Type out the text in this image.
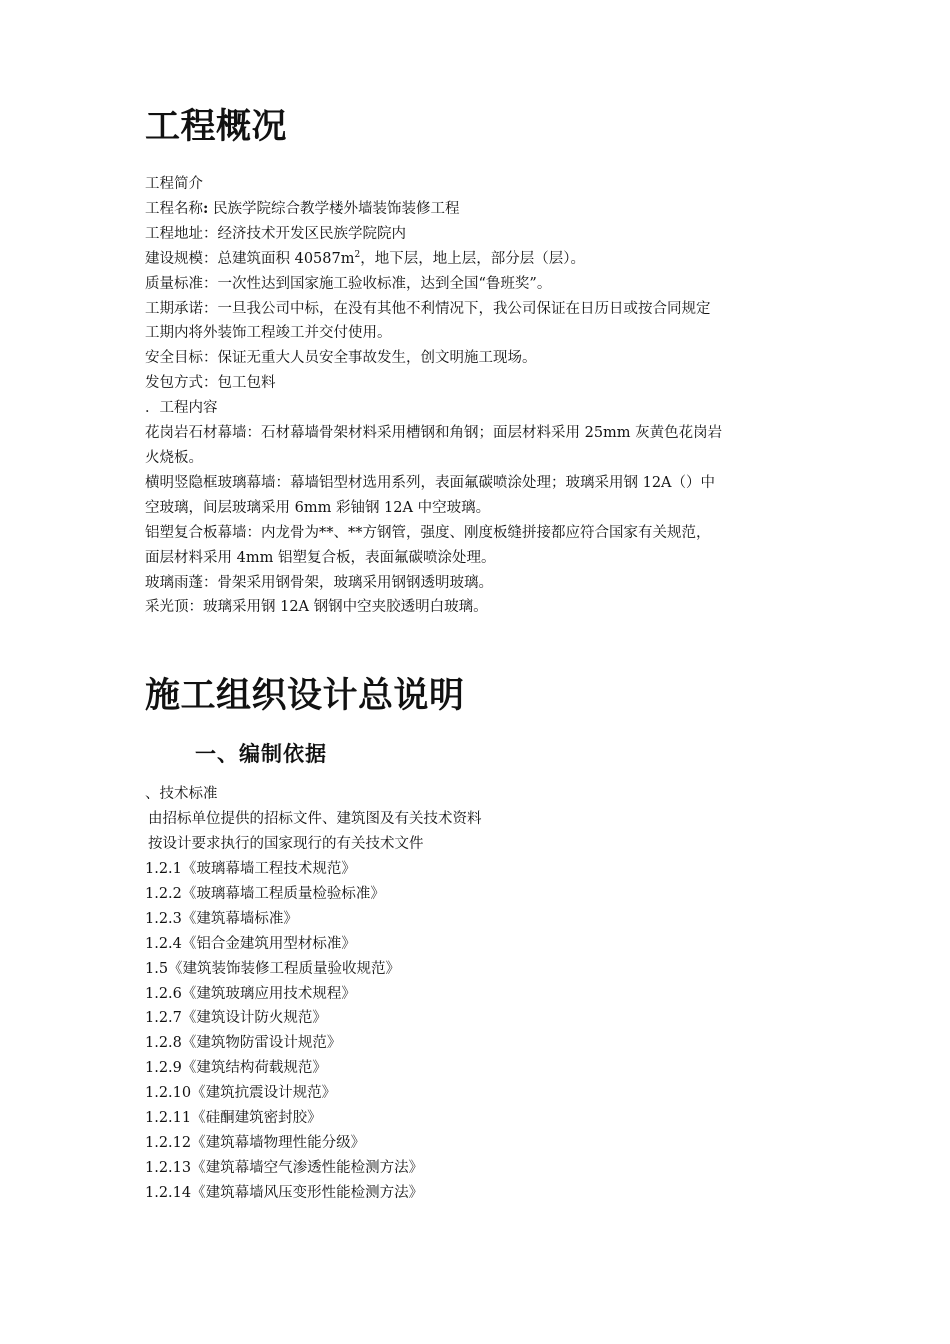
工程概况

工程简介

工程名称: 民族学院综合教学楼外墙装饰装修工程

工程地址：经济技术开发区民族学院院内

建设规模：总建筑面积 $40587m^2$，地下层，地上层，部分层（层）。

质量标准：一次性达到国家施工验收标准，达到全国“鲁班奖”。

工期承诺：一旦我公司中标，在没有其他不利情况下，我公司保证在日历日或按合同规定

工期内将外装饰工程竣工并交付使用。

安全目标：保证无重大人员安全事故发生，创文明施工现场。

发包方式：包工包料

．工程内容

花岗岩石材幕墙：石材幕墙骨架材料采用槽钢和角钢；面层材料采用 25mm 灰黄色花岗岩

火烧板。

横明竖隐框玻璃幕墙：幕墙铝型材选用系列，表面氟碳喷涂处理；玻璃采用钢 12A（）中

空玻璃，间层玻璃采用 6mm 彩铀钢 12A 中空玻璃。

铝塑复合板幕墙：内龙骨为**、**方钢管，强度、刚度板缝拼接都应符合国家有关规范，

面层材料采用 4mm 铝塑复合板，表面氟碳喷涂处理。

玻璃雨蓬：骨架采用钢骨架，玻璃采用钢钢透明玻璃。

采光顶：玻璃采用钢 12A 钢钢中空夹胶透明白玻璃。

施工组织设计总说明
一、编制依据

、技术标准

由招标单位提供的招标文件、建筑图及有关技术资料

按设计要求执行的国家现行的有关技术文件

1.2.1《玻璃幕墙工程技术规范》

1.2.2《玻璃幕墙工程质量检验标准》

1.2.3《建筑幕墙标准》

1.2.4《铝合金建筑用型材标准》

1.5《建筑装饰装修工程质量验收规范》

1.2.6《建筑玻璃应用技术规程》

1.2.7《建筑设计防火规范》

1.2.8《建筑物防雷设计规范》

1.2.9《建筑结构荷载规范》

1.2.10《建筑抗震设计规范》

1.2.11《硅酮建筑密封胶》

1.2.12《建筑幕墙物理性能分级》

1.2.13《建筑幕墙空气渗透性能检测方法》

1.2.14《建筑幕墙风压变形性能检测方法》
